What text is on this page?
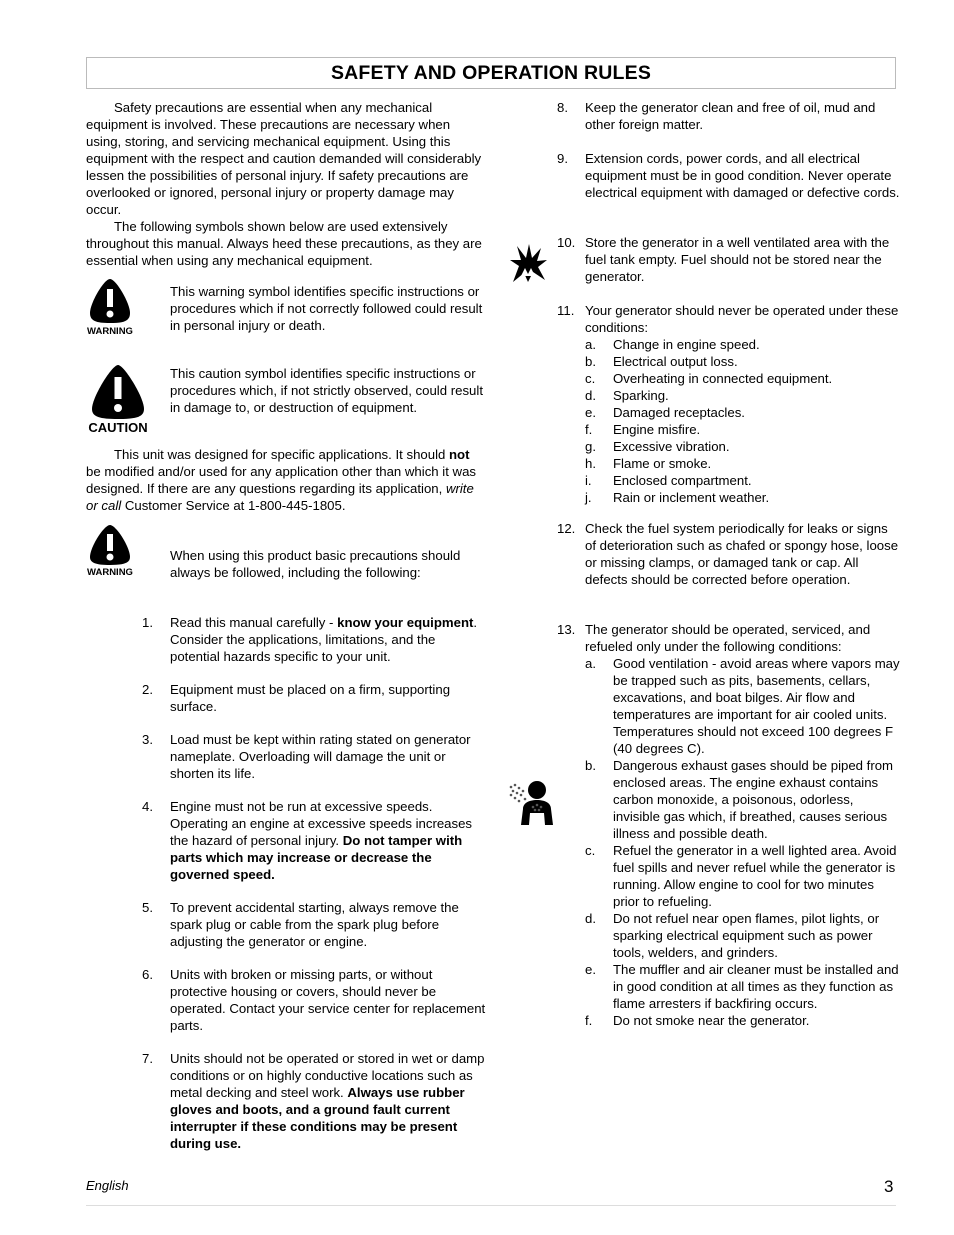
SAFETY AND OPERATION RULES

Safety precautions are essential when any mechanical equipment is involved. These precautions are necessary when using, storing, and servicing mechanical equipment. Using this equipment with the respect and caution demanded will considerably lessen the possibilities of personal injury. If safety precautions are overlooked or ignored, personal injury or property damage may occur.

The following symbols shown below are used extensively throughout this manual. Always heed these precautions, as they are essential when using any mechanical equipment.

WARNING
This warning symbol identifies specific instructions or procedures which if not correctly followed could result in personal injury or death.
CAUTION
This caution symbol identifies specific instructions or procedures which, if not strictly observed, could result in damage to, or destruction of equipment.

This unit was designed for specific applications. It should not be modified and/or used for any application other than which it was designed. If there are any questions regarding its application, write or call Customer Service at 1-800-445-1805.

WARNING
When using this product basic precautions should always be followed, including the following:
1. Read this manual carefully - know your equipment. Consider the applications, limitations, and the potential hazards specific to your unit.
2. Equipment must be placed on a firm, supporting surface.
3. Load must be kept within rating stated on generator nameplate. Overloading will damage the unit or shorten its life.
4. Engine must not be run at excessive speeds. Operating an engine at excessive speeds increases the hazard of personal injury. Do not tamper with parts which may increase or decrease the governed speed.
5. To prevent accidental starting, always remove the spark plug or cable from the spark plug before adjusting the generator or engine.
6. Units with broken or missing parts, or without protective housing or covers, should never be operated. Contact your service center for replacement parts.
7. Units should not be operated or stored in wet or damp conditions or on highly conductive locations such as metal decking and steel work. Always use rubber gloves and boots, and a ground fault current interrupter if these conditions may be present during use.
8. Keep the generator clean and free of oil, mud and other foreign matter.
9. Extension cords, power cords, and all electrical equipment must be in good condition. Never operate electrical equipment with damaged or defective cords.
10. Store the generator in a well ventilated area with the fuel tank empty. Fuel should not be stored near the generator.
11. Your generator should never be operated under these conditions:
a. Change in engine speed.
b. Electrical output loss.
c. Overheating in connected equipment.
d. Sparking.
e. Damaged receptacles.
f. Engine misfire.
g. Excessive vibration.
h. Flame or smoke.
i. Enclosed compartment.
j. Rain or inclement weather.
12. Check the fuel system periodically for leaks or signs of deterioration such as chafed or spongy hose, loose or missing clamps, or damaged tank or cap. All defects should be corrected before operation.
13. The generator should be operated, serviced, and refueled only under the following conditions:
a. Good ventilation - avoid areas where vapors may be trapped such as pits, basements, cellars, excavations, and boat bilges. Air flow and temperatures are important for air cooled units. Temperatures should not exceed 100 degrees F (40 degrees C).
b. Dangerous exhaust gases should be piped from enclosed areas. The engine exhaust contains carbon monoxide, a poisonous, odorless, invisible gas which, if breathed, causes serious illness and possible death.
c. Refuel the generator in a well lighted area. Avoid fuel spills and never refuel while the generator is running. Allow engine to cool for two minutes prior to refueling.
d. Do not refuel near open flames, pilot lights, or sparking electrical equipment such as power tools, welders, and grinders.
e. The muffler and air cleaner must be installed and in good condition at all times as they function as flame arresters if backfiring occurs.
f. Do not smoke near the generator.
English	3
